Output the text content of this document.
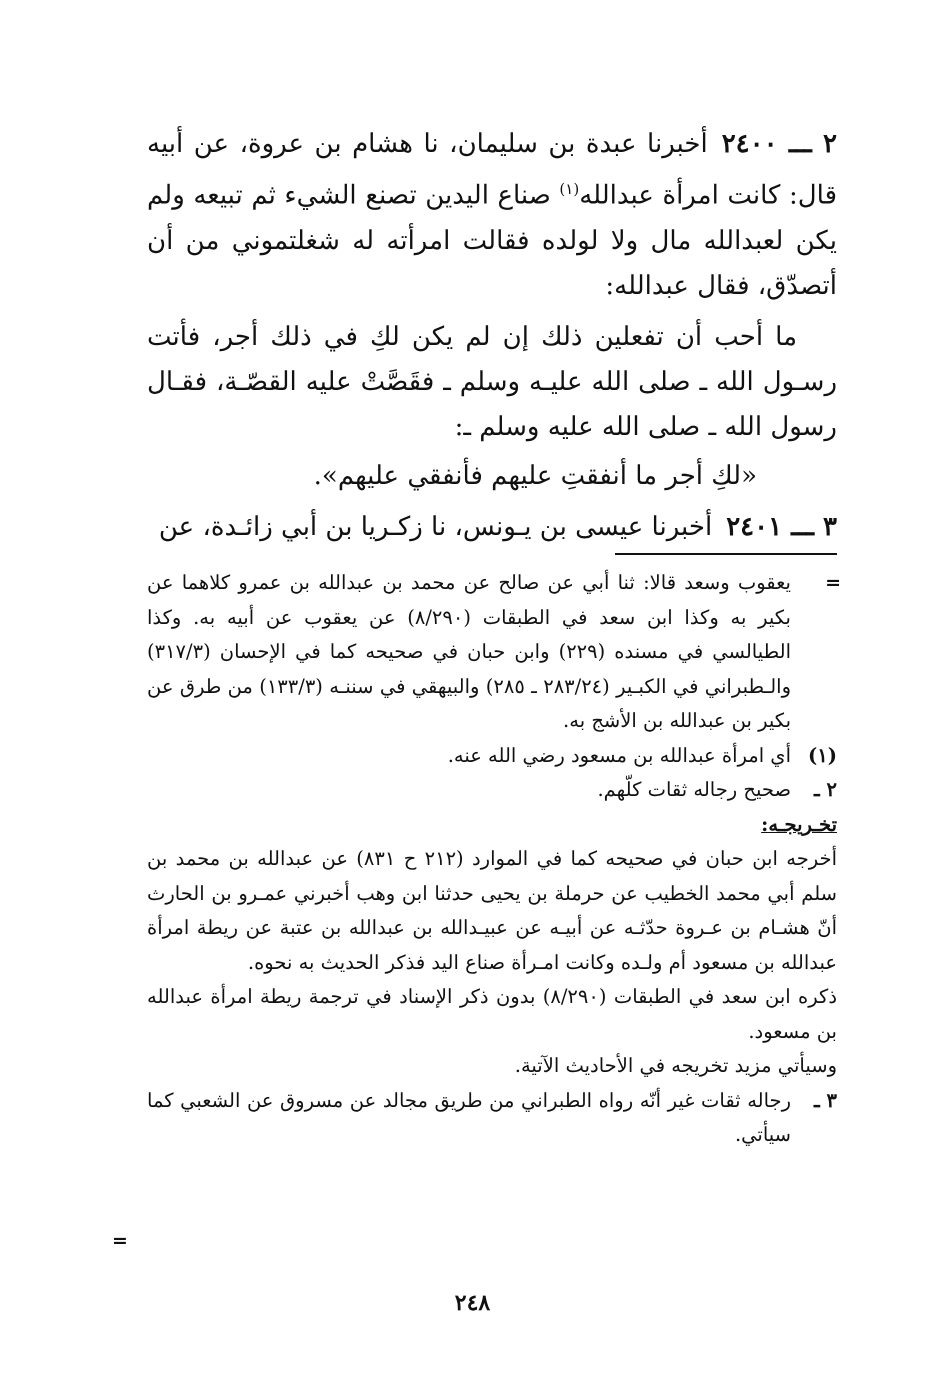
٢ ـــ ٢٤٠٠أخبرنا عبدة بن سليمان، نا هشام بن عروة، عن أبيه قال: كانت امرأة عبدالله$^{(١)}$ صناع اليدين تصنع الشيء ثم تبيعه ولم يكن لعبدالله مال ولا لولده فقالت امرأته له شغلتموني من أن أتصدّق، فقال عبدالله:

ما أحب أن تفعلين ذلك إن لم يكن لكِ في ذلك أجر، فأتت رسـول الله ـ صلى الله عليـه وسلم ـ فقَصَّتْ عليه القصّـة، فقـال رسول الله ـ صلى الله عليه وسلم ـ:

«لكِ أجر ما أنفقتِ عليهم فأنفقي عليهم».

٣ ـــ ٢٤٠١أخبرنا عيسى بن يـونس، نا زكـريا بن أبي زائـدة، عن

=

يعقوب وسعد قالا: ثنا أبي عن صالح عن محمد بن عبدالله بن عمرو كلاهما عن بكير به وكذا ابن سعد في الطبقات (٨/٢٩٠) عن يعقوب عن أبيه به. وكذا الطيالسي في مسنده (٢٢٩) وابن حبان في صحيحه كما في الإحسان (٣١٧/٣) والـطبراني في الكبـير (٢٨٣/٢٤ ـ ٢٨٥) والبيهقي في سننـه (١٣٣/٣) من طرق عن بكير بن عبدالله بن الأشج به.

(١)

أي امرأة عبدالله بن مسعود رضي الله عنه.

٢ ـ

صحيح رجاله ثقات كلّهم.

تخـريجـه:

أخرجه ابن حبان في صحيحه كما في الموارد (٢١٢ ح ٨٣١) عن عبدالله بن محمد بن سلم أبي محمد الخطيب عن حرملة بن يحيى حدثنا ابن وهب أخبرني عمـرو بن الحارث أنّ هشـام بن عـروة حدّثـه عن أبيـه عن عبيـدالله بن عبدالله بن عتبة عن ريطة امرأة عبدالله بن مسعود أم ولـده وكانت امـرأة صناع اليد فذكر الحديث به نحوه.

ذكره ابن سعد في الطبقات (٨/٢٩٠) بدون ذكر الإسناد في ترجمة ريطة امرأة عبدالله بن مسعود.

وسيأتي مزيد تخريجه في الأحاديث الآتية.

٣ ـ

رجاله ثقات غير أنّه رواه الطبراني من طريق مجالد عن مسروق عن الشعبي كما سيأتي.

=
٢٤٨
